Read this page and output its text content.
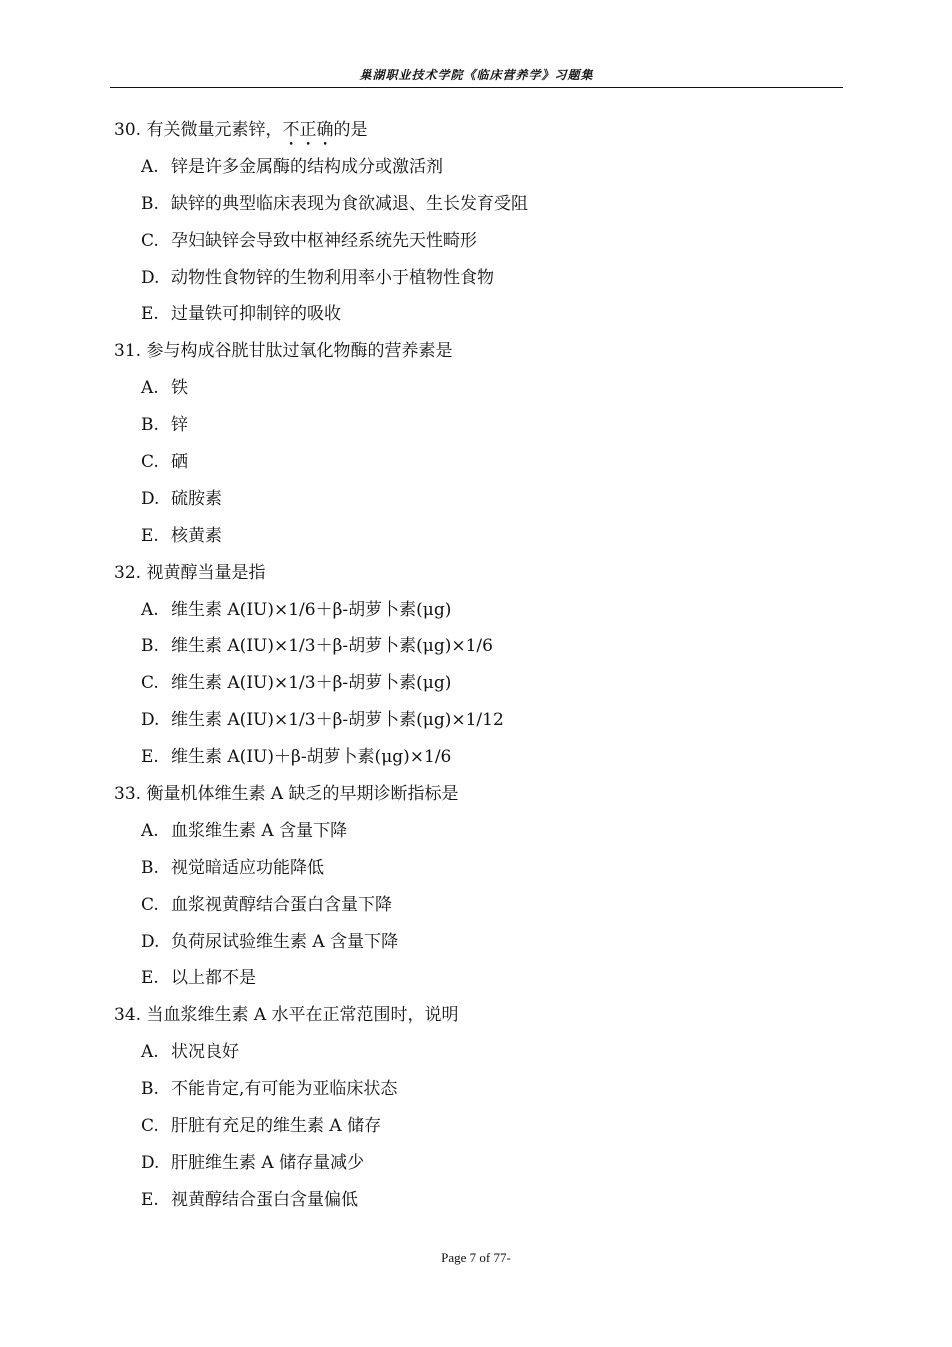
巢湖职业技术学院《临床营养学》习题集
30. 有关微量元素锌，不正确的是
A. 锌是许多金属酶的结构成分或激活剂
B. 缺锌的典型临床表现为食欲减退、生长发育受阻
C. 孕妇缺锌会导致中枢神经系统先天性畸形
D. 动物性食物锌的生物利用率小于植物性食物
E. 过量铁可抑制锌的吸收
31. 参与构成谷胱甘肽过氧化物酶的营养素是
A. 铁
B. 锌
C. 硒
D. 硫胺素
E. 核黄素
32. 视黄醇当量是指
A. 维生素 A(IU)×1/6＋β-胡萝卜素(μg)
B. 维生素 A(IU)×1/3＋β-胡萝卜素(μg)×1/6
C. 维生素 A(IU)×1/3＋β-胡萝卜素(μg)
D. 维生素 A(IU)×1/3＋β-胡萝卜素(μg)×1/12
E. 维生素 A(IU)＋β-胡萝卜素(μg)×1/6
33. 衡量机体维生素 A 缺乏的早期诊断指标是
A. 血浆维生素 A 含量下降
B. 视觉暗适应功能降低
C. 血浆视黄醇结合蛋白含量下降
D. 负荷尿试验维生素 A 含量下降
E. 以上都不是
34. 当血浆维生素 A 水平在正常范围时，说明
A. 状况良好
B. 不能肯定,有可能为亚临床状态
C. 肝脏有充足的维生素 A 储存
D. 肝脏维生素 A 储存量减少
E. 视黄醇结合蛋白含量偏低
Page 7 of 77-
